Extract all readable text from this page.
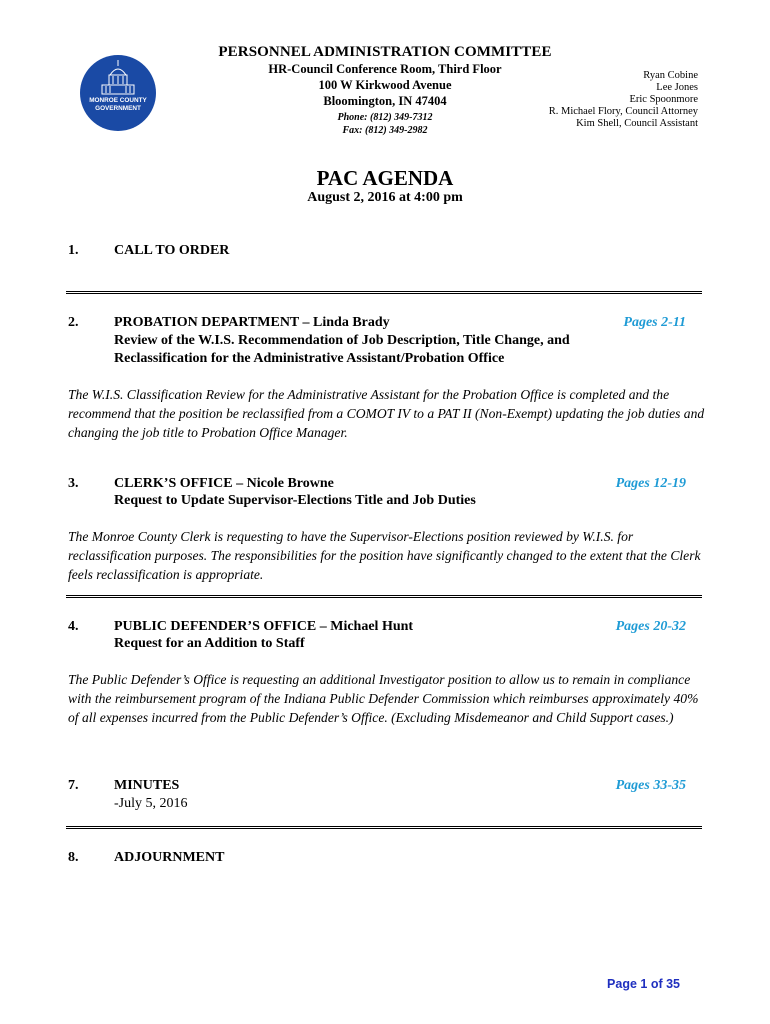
PERSONNEL ADMINISTRATION COMMITTEE
HR-Council Conference Room, Third Floor
100 W Kirkwood Avenue
Bloomington, IN 47404
Phone: (812) 349-7312
Fax: (812) 349-2982
MONROE COUNTY
GOVERNMENT
Ryan Cobine
Lee Jones
Eric Spoonmore
R. Michael Flory, Council Attorney
Kim Shell, Council Assistant
PAC AGENDA
August 2, 2016 at 4:00 pm
1.	CALL TO ORDER
2.	PROBATION DEPARTMENT – Linda Brady
Review of the W.I.S. Recommendation of Job Description, Title Change, and Reclassification for the Administrative Assistant/Probation Office
Pages 2-11
The W.I.S. Classification Review for the Administrative Assistant for the Probation Office is completed and the recommend that the position be reclassified from a COMOT IV to a PAT II (Non-Exempt) updating the job duties and changing the job title to Probation Office Manager.
3.	CLERK’S OFFICE – Nicole Browne
Request to Update Supervisor-Elections Title and Job Duties
Pages 12-19
The Monroe County Clerk is requesting to have the Supervisor-Elections position reviewed by W.I.S. for reclassification purposes. The responsibilities for the position have significantly changed to the extent that the Clerk feels reclassification is appropriate.
4.	PUBLIC DEFENDER’S OFFICE – Michael Hunt
Request for an Addition to Staff
Pages 20-32
The Public Defender’s Office is requesting an additional Investigator position to allow us to remain in compliance with the reimbursement program of the Indiana Public Defender Commission which reimburses approximately 40% of all expenses incurred from the Public Defender’s Office. (Excluding Misdemeanor and Child Support cases.)
7.	MINUTES
-July 5, 2016
Pages 33-35
8.	ADJOURNMENT
Page 1 of 35
